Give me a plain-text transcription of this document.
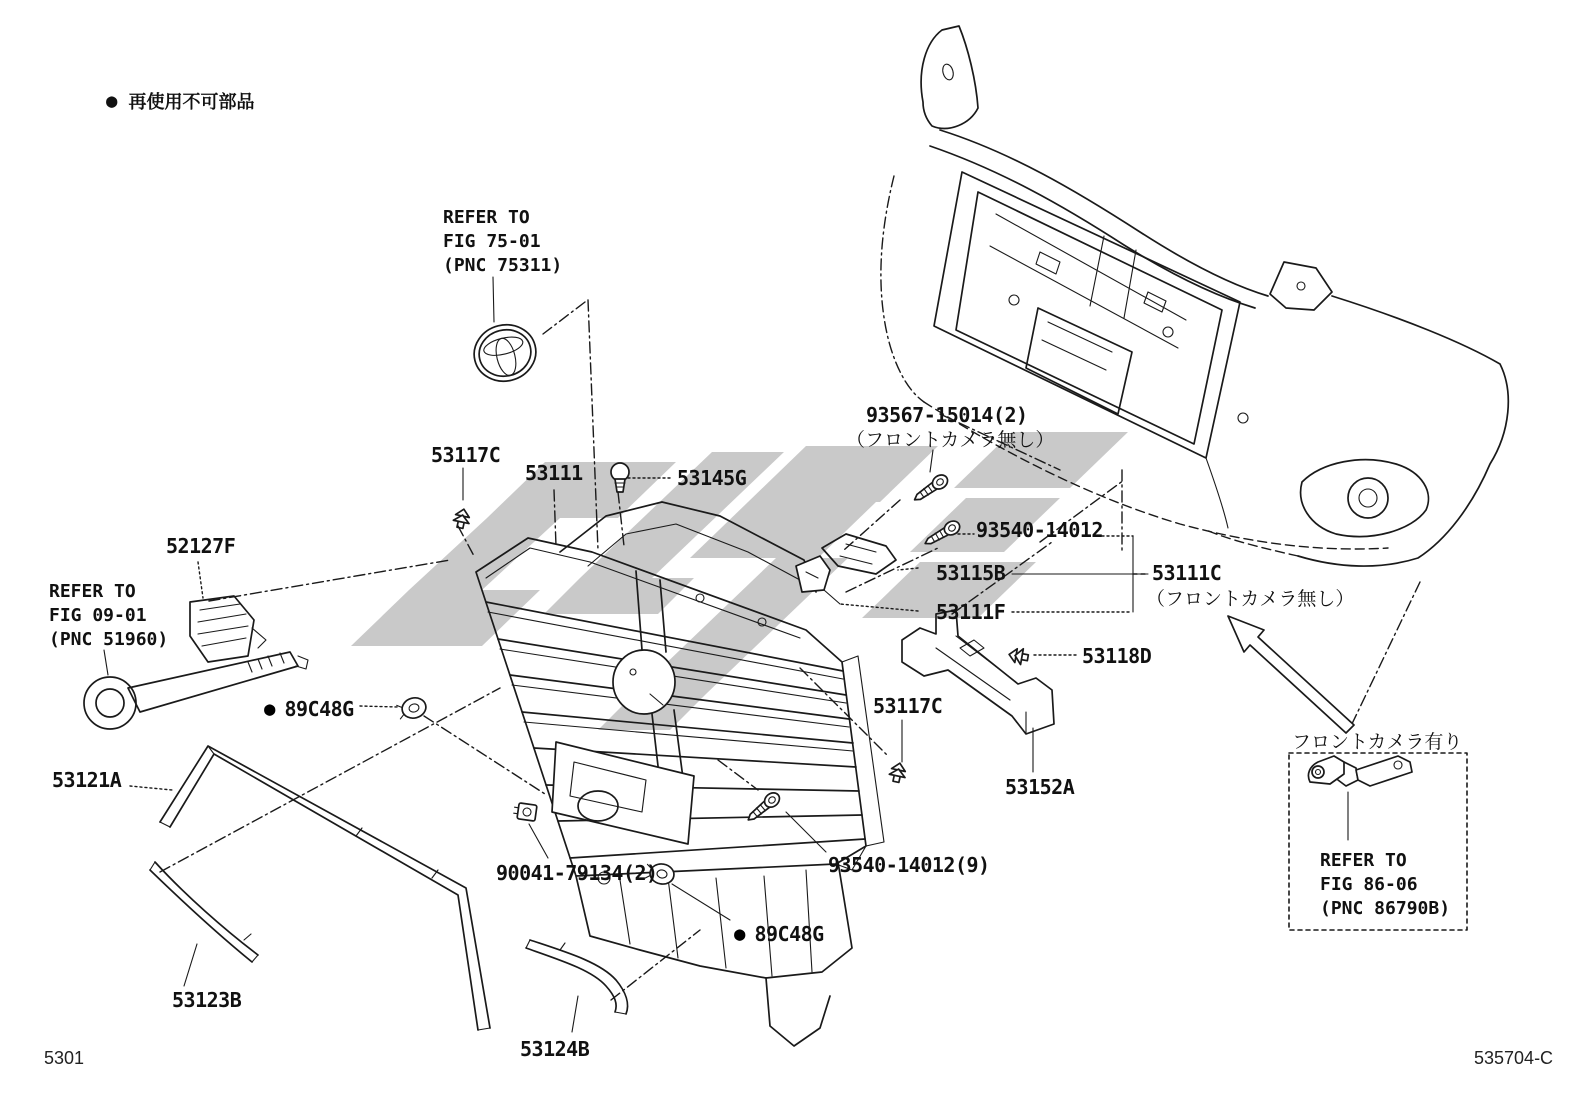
● 再使用不可部品
REFER TO
FIG 75-01
(PNC 75311)
REFER TO
FIG 09-01
(PNC 51960)
REFER TO
FIG 86-06
(PNC 86790B)
53117C
53111	53145G
93567-15014(2)
（フロントカメラ無し）
93540-14012
53115B
53111F
53111C
（フロントカメラ無し）
53118D
52127F
● 89C48G	53117C
53121A	53152A
90041-79134(2)	93540-14012(9)
● 89C48G
53123B
53124B
フロントカメラ有り
5301	535704-C
